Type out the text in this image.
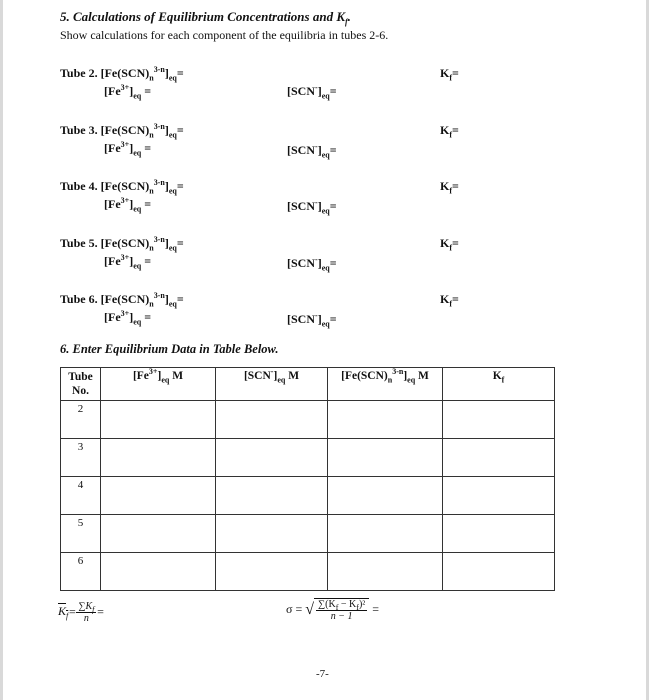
5. Calculations of Equilibrium Concentrations and $K_f$.
Show calculations for each component of the equilibria in tubes 2-6.
Tube 2. $[Fe(SCN)_n^{3-n}]_{eq}=$
$[Fe^{3+}]_{eq}$ =	$[SCN^-]_{eq}=$
$K_f=$
Tube 3. $[Fe(SCN)_n^{3-n}]_{eq}=$
$[Fe^{3+}]_{eq}$ =	$[SCN^-]_{eq}=$
$K_f=$
Tube 4. $[Fe(SCN)_n^{3-n}]_{eq}=$
$[Fe^{3+}]_{eq}$ =	$[SCN^-]_{eq}=$
$K_f=$
Tube 5. $[Fe(SCN)_n^{3-n}]_{eq}=$
$[Fe^{3+}]_{eq}$ =	$[SCN^-]_{eq}=$
$K_f=$
Tube 6. $[Fe(SCN)_n^{3-n}]_{eq}=$
$[Fe^{3+}]_{eq}$ =	$[SCN^-]_{eq}=$
$K_f=$
6. Enter Equilibrium Data in Table Below.
Tube
No.	$[Fe^{3+}]_{eq}$ M	$[SCN^-]_{eq}$ M	$[Fe(SCN)_n^{3-n}]_{eq}$ M	$K_f$
2				
3				
4				
5				
6				
$K_f= \frac{\sum K_f}{n}$ =	σ = √ $\frac{\sum(K_f - K_f)^2}{n - 1}$ =
-7-
